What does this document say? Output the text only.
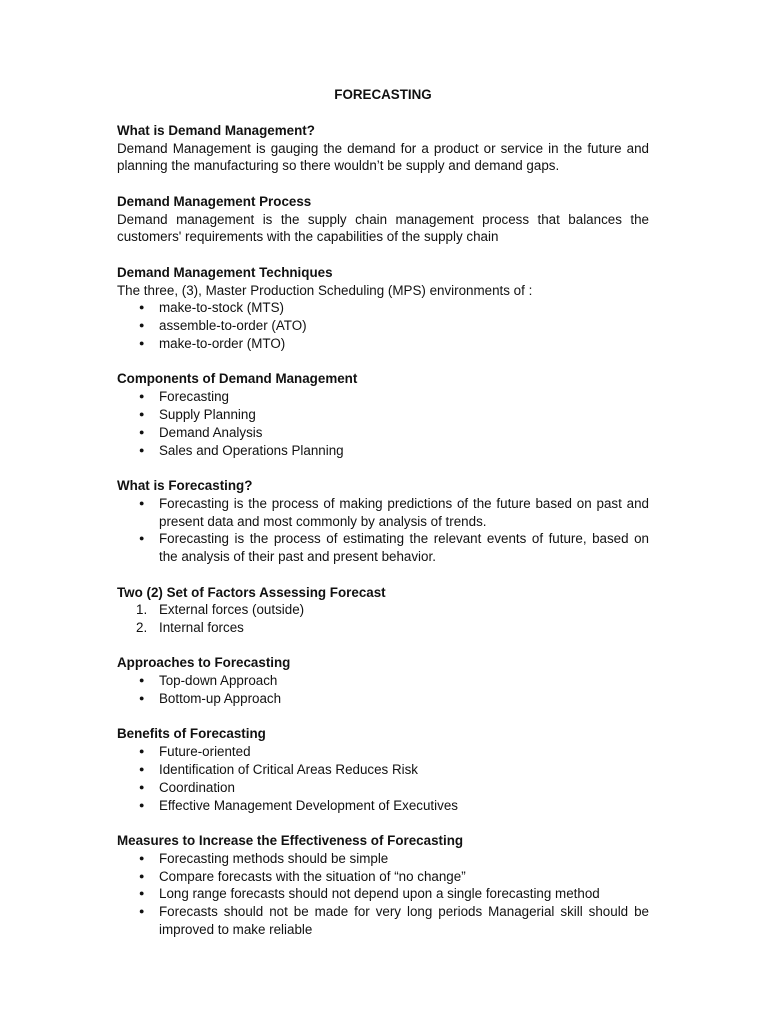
FORECASTING

What is Demand Management?

Demand Management is gauging the demand for a product or service in the future and planning the manufacturing so there wouldn’t be supply and demand gaps.

Demand Management Process

Demand management is the supply chain management process that balances the customers' requirements with the capabilities of the supply chain

Demand Management Techniques

The three, (3), Master Production Scheduling (MPS) environments of :

● make-to-stock (MTS)
● assemble-to-order (ATO)
● make-to-order (MTO)

Components of Demand Management

● Forecasting
● Supply Planning
● Demand Analysis
● Sales and Operations Planning

What is Forecasting?

● Forecasting is the process of making predictions of the future based on past and present data and most commonly by analysis of trends.
● Forecasting is the process of estimating the relevant events of future, based on the analysis of their past and present behavior.

Two (2) Set of Factors Assessing Forecast

1. External forces (outside)
2. Internal forces

Approaches to Forecasting

● Top-down Approach
● Bottom-up Approach

Benefits of Forecasting

● Future-oriented
● Identification of Critical Areas Reduces Risk
● Coordination
● Effective Management Development of Executives

Measures to Increase the Effectiveness of Forecasting

● Forecasting methods should be simple
● Compare forecasts with the situation of “no change”
● Long range forecasts should not depend upon a single forecasting method
● Forecasts should not be made for very long periods Managerial skill should be improved to make reliable
